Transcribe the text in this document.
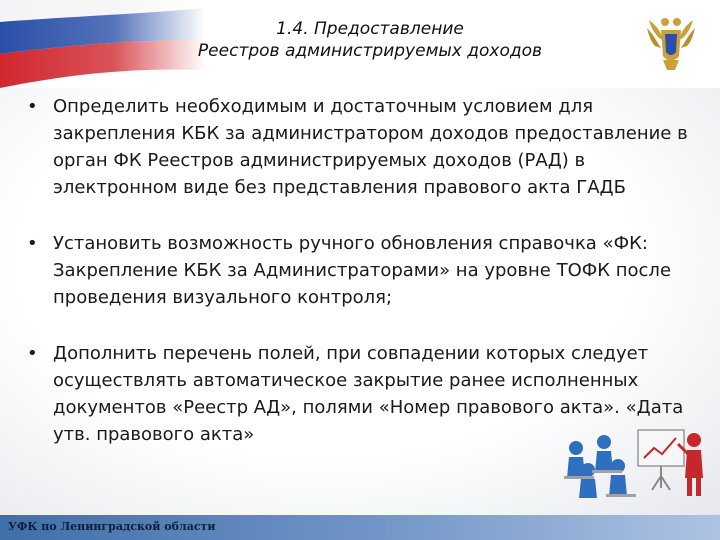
1.4. Предоставление
Реестров администрируемых доходов
• Определить необходимым и достаточным условием для
закрепления КБК за администратором доходов предоставление в
орган ФК Реестров администрируемых доходов (РАД) в
электронном виде без представления правового акта ГАДБ
• Установить возможность ручного обновления справочка «ФК:
Закрепление КБК за Администраторами» на уровне ТОФК после
проведения визуального контроля;
• Дополнить перечень полей, при совпадении которых следует
осуществлять автоматическое закрытие ранее исполненных
документов «Реестр АД», полями «Номер правового акта». «Дата
утв. правового акта»
УФК по Ленинградской области
